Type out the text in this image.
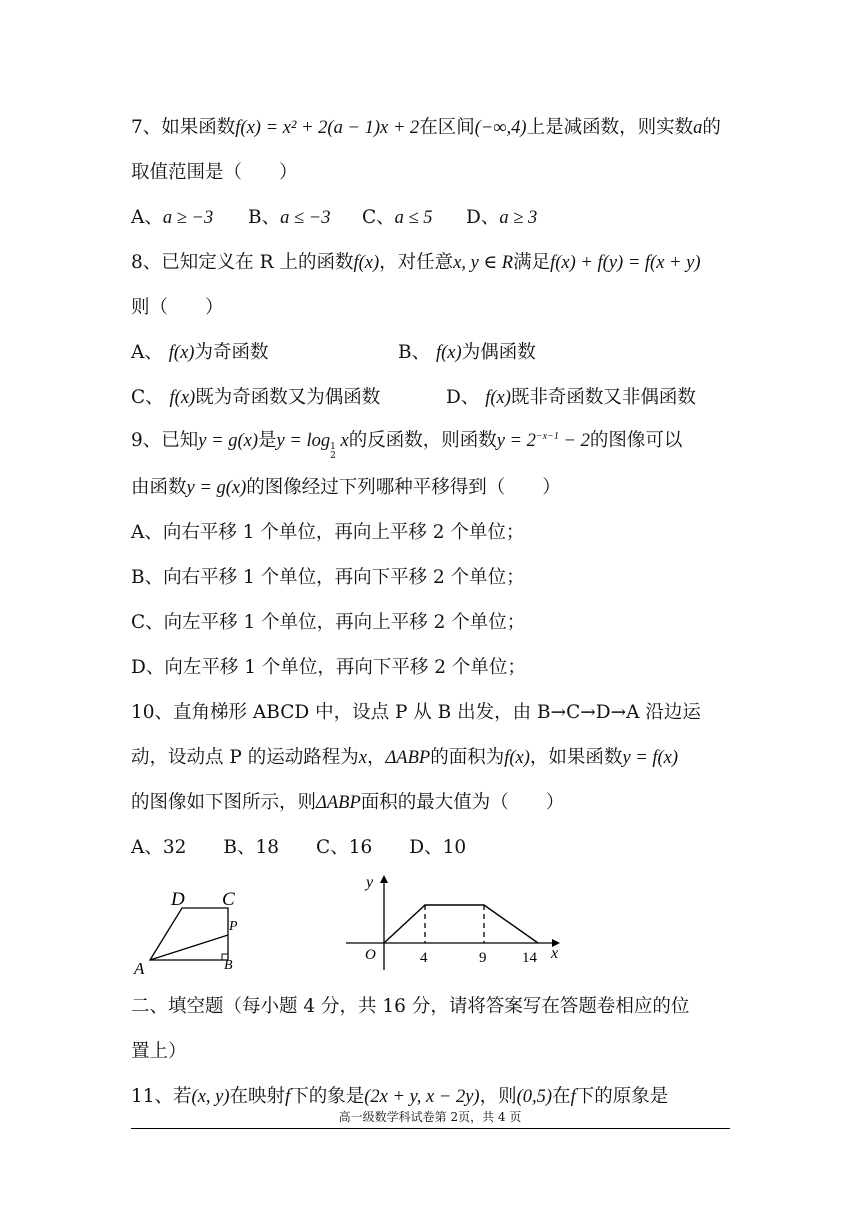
7、如果函数f(x) = x² + 2(a − 1)x + 2在区间(−∞,4)上是减函数，则实数a的
取值范围是（　　）
A、a ≥ −3 B、a ≤ −3 C、a ≤ 5 D、a ≥ 3
8、已知定义在 R 上的函数f(x)，对任意x, y ∈ R满足f(x) + f(y) = f(x + y)
则（　　）
A、 f(x)为奇函数	B、 f(x)为偶函数
C、 f(x)既为奇函数又为偶函数	D、 f(x)既非奇函数又非偶函数
9、已知y = g(x)是y = log 1
2
x的反函数，则函数$y = 2^{-x-1} - 2$的图像可以
由函数y = g(x)的图像经过下列哪种平移得到（　　）
A、向右平移 1 个单位，再向上平移 2 个单位；
B、向右平移 1 个单位，再向下平移 2 个单位；
C、向左平移 1 个单位，再向上平移 2 个单位；
D、向左平移 1 个单位，再向下平移 2 个单位；
10、直角梯形 ABCD 中，设点 P 从 B 出发，由 B→C→D→A 沿边运
动，设动点 P 的运动路程为x，ΔABP的面积为f(x)，如果函数y = f(x)
的图像如下图所示，则ΔABP面积的最大值为（　　）
A、32　　B、18　　C、16　　D、10
D C
P
A	B
y
x
O	4	9 14
二、填空题（每小题 4 分，共 16 分，请将答案写在答题卷相应的位
置上）
11、若(x, y)在映射f下的象是(2x + y, x − 2y)，则(0,5)在f下的原象是
高一级数学科试卷第 2页，共 4 页
